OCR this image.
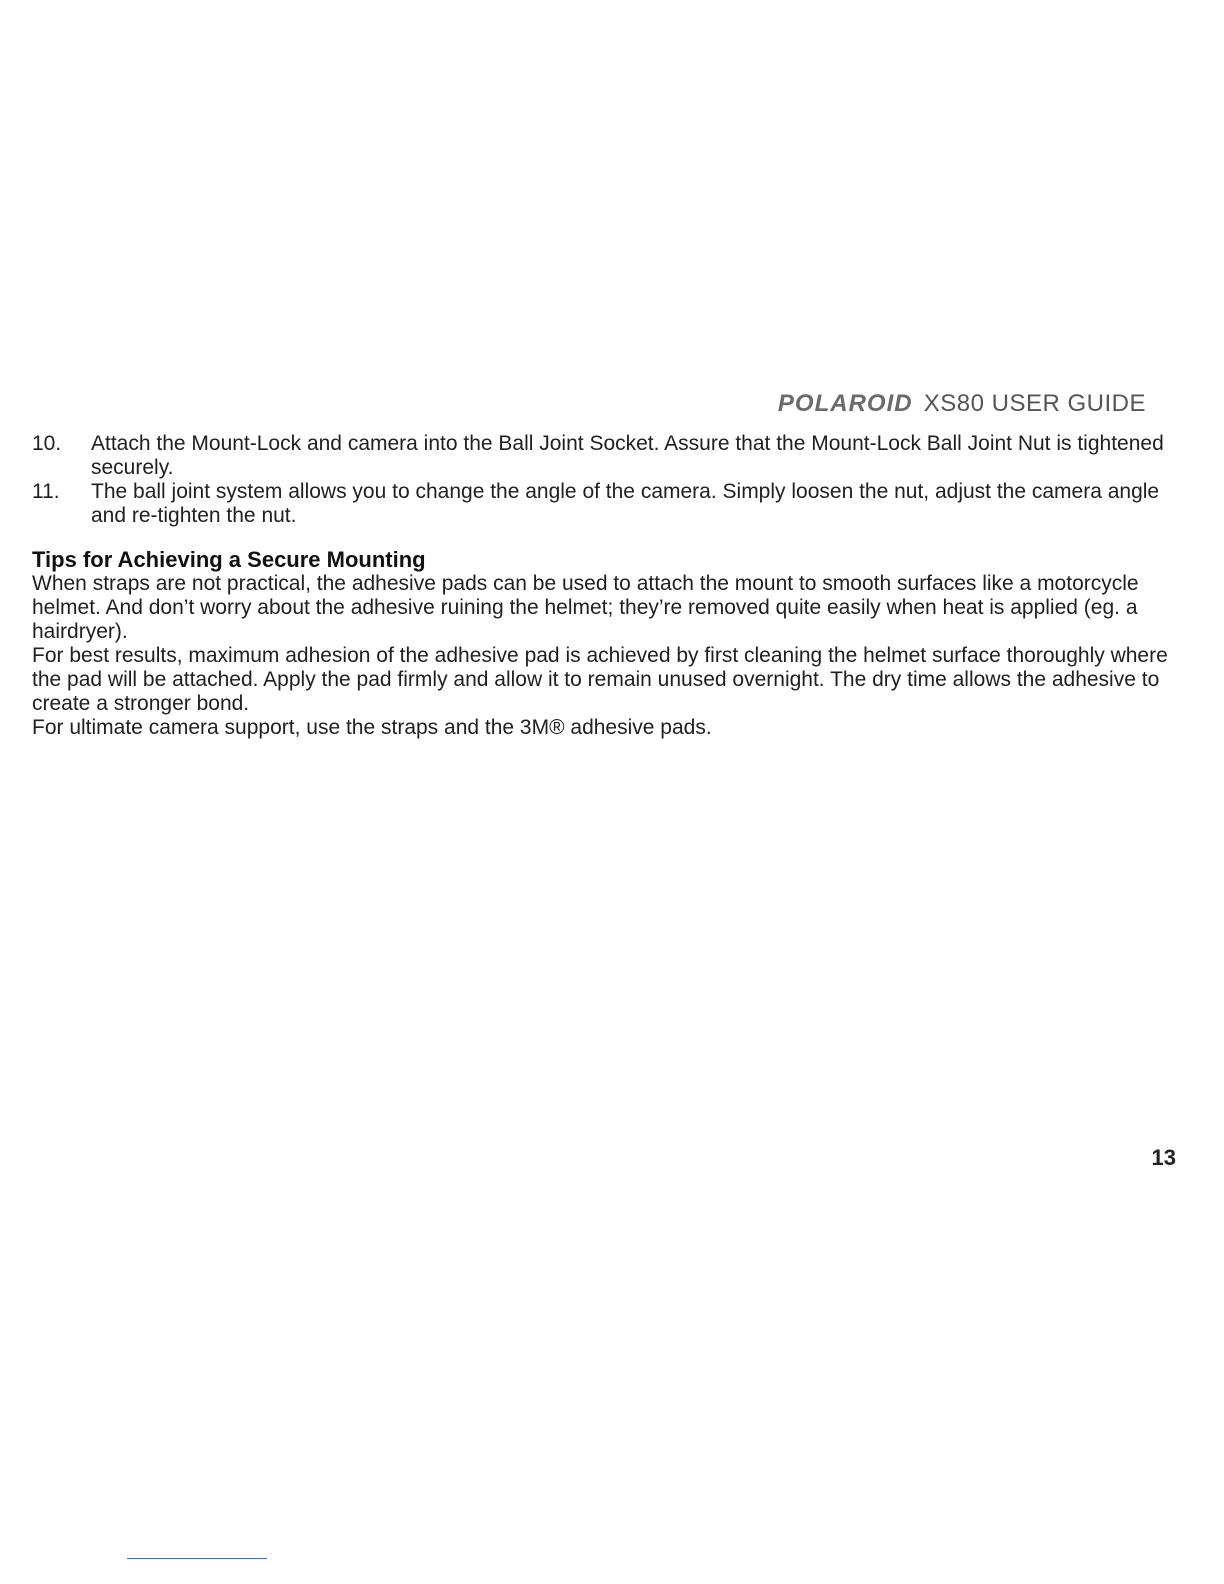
POLAROID XS80 USER GUIDE
10.	Attach the Mount-Lock and camera into the Ball Joint Socket. Assure that the Mount-Lock Ball Joint Nut is tightened securely.
11.	The ball joint system allows you to change the angle of the camera. Simply loosen the nut, adjust the camera angle and re-tighten the nut.
Tips for Achieving a Secure Mounting

When straps are not practical, the adhesive pads can be used to attach the mount to smooth surfaces like a motorcycle helmet. And don’t worry about the adhesive ruining the helmet; they’re removed quite easily when heat is applied (eg. a hairdryer).

For best results, maximum adhesion of the adhesive pad is achieved by first cleaning the helmet surface thoroughly where the pad will be attached. Apply the pad firmly and allow it to remain unused overnight. The dry time allows the adhesive to create a stronger bond.

For ultimate camera support, use the straps and the 3M® adhesive pads.

13
